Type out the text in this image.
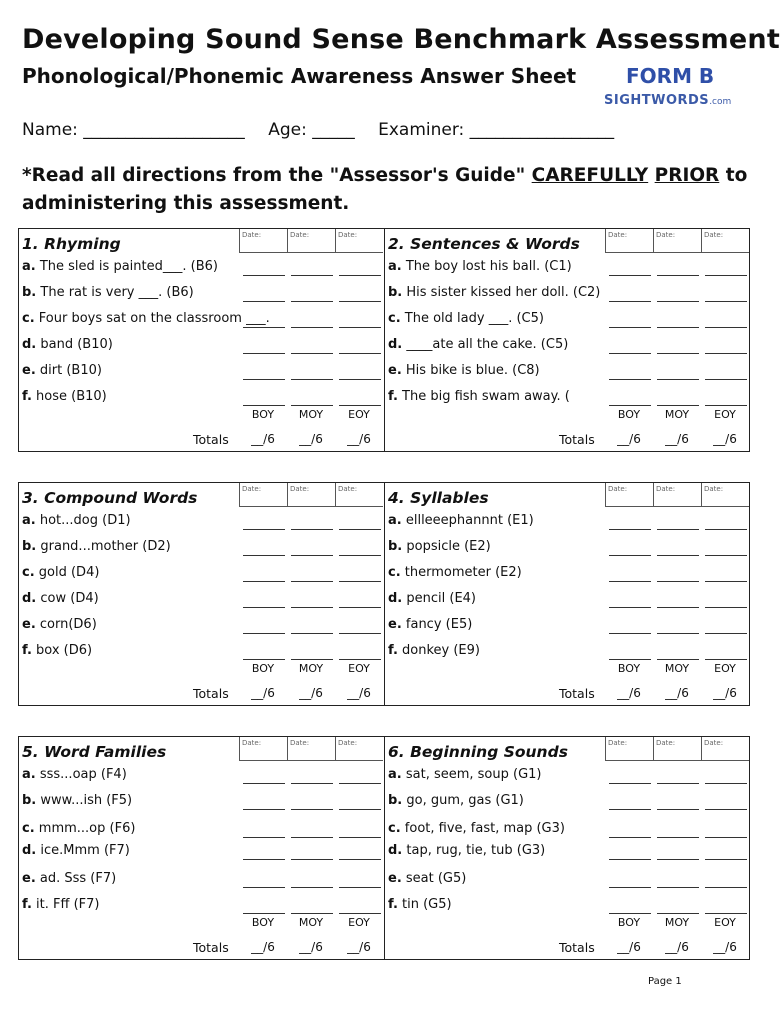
Developing Sound Sense Benchmark Assessment
Phonological/Phonemic Awareness Answer Sheet FORM B
SIGHTWORDS.com
Name: ___________________ Age: _____ Examiner: _________________
*Read all directions from the "Assessor's Guide" CAREFULLY PRIOR to administering this assessment.
1. Rhyming	Date:	Date:	Date:
a. The sled is painted___. (B6)
b. The rat is very ___. (B6)
c. Four boys sat on the classroom ___.
d. band (B10)
e. dirt (B10)
f. hose (B10)
BOY	MOY	EOY
Totals	__/6	__/6	__/6
2. Sentences & Words	Date:	Date:	Date:
a. The boy lost his ball. (C1)
b. His sister kissed her doll. (C2)
c. The old lady ___. (C5)
d. ____ate all the cake. (C5)
e. His bike is blue. (C8)
f. The big fish swam away. (
BOY	MOY	EOY
Totals	__/6	__/6	__/6
3. Compound Words	Date:	Date:	Date:
a. hot...dog (D1)
b. grand...mother (D2)
c. gold (D4)
d. cow (D4)
e. corn(D6)
f. box (D6)
BOY	MOY	EOY
Totals	__/6	__/6	__/6
4. Syllables	Date:	Date:	Date:
a. ellleeephannnt (E1)
b. popsicle (E2)
c. thermometer (E2)
d. pencil (E4)
e. fancy (E5)
f. donkey (E9)
BOY	MOY	EOY
Totals	__/6	__/6	__/6
5. Word Families	Date:	Date:	Date:
a. sss...oap (F4)
b. www...ish (F5)
c. mmm...op (F6)
d. ice.Mmm (F7)
e. ad. Sss (F7)
f. it. Fff (F7)
BOY	MOY	EOY
Totals	__/6	__/6	__/6
6. Beginning Sounds	Date:	Date:	Date:
a. sat, seem, soup (G1)
b. go, gum, gas (G1)
c. foot, five, fast, map (G3)
d. tap, rug, tie, tub (G3)
e. seat (G5)
f. tin (G5)
BOY	MOY	EOY
Totals	__/6	__/6	__/6
Page 1
